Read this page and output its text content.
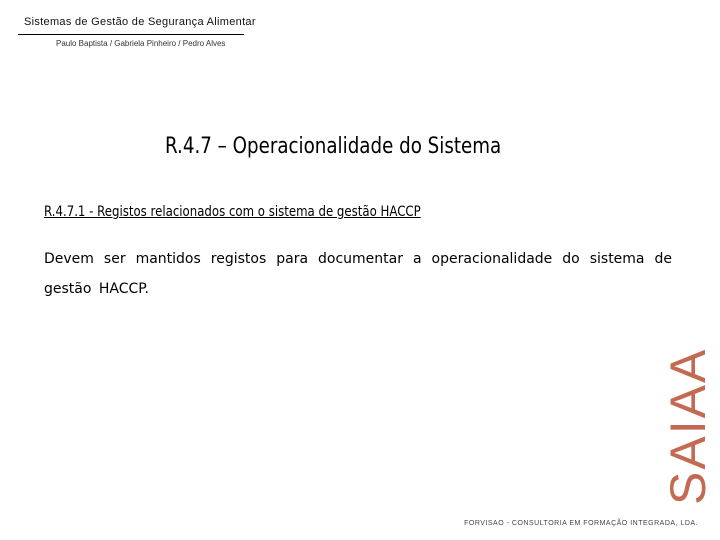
Sistemas de Gestão de Segurança Alimentar
Paulo Baptista / Gabriela Pinheiro / Pedro Alves
R.4.7 – Operacionalidade do Sistema
R.4.7.1 - Registos relacionados com o sistema de gestão HACCP
Devem ser mantidos registos para documentar a operacionalidade do sistema de gestão HACCP.
SAIAA
FORVISAO - CONSULTORIA EM FORMAÇÃO INTEGRADA, LDA.
